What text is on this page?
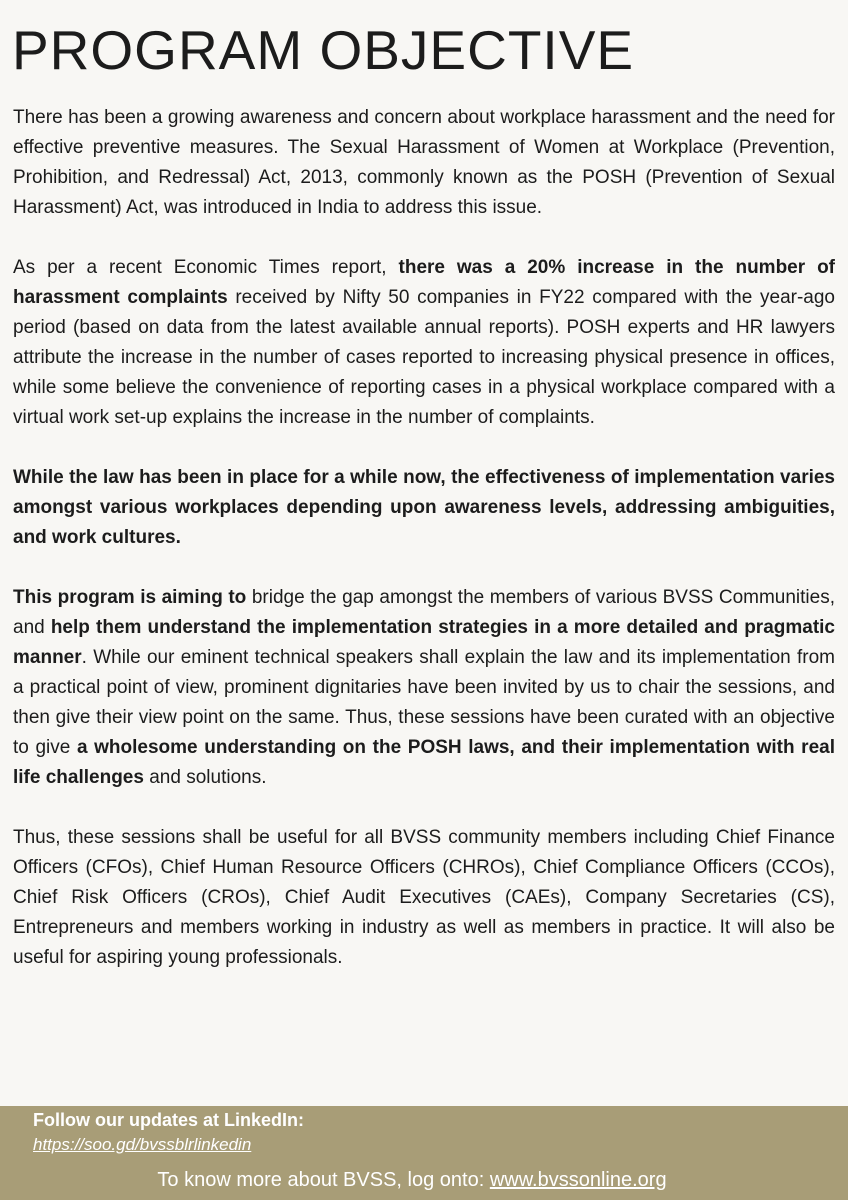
PROGRAM OBJECTIVE

There has been a growing awareness and concern about workplace harassment and the need for effective preventive measures. The Sexual Harassment of Women at Workplace (Prevention, Prohibition, and Redressal) Act, 2013, commonly known as the POSH (Prevention of Sexual Harassment) Act, was introduced in India to address this issue.

As per a recent Economic Times report, there was a 20% increase in the number of harassment complaints received by Nifty 50 companies in FY22 compared with the year-ago period (based on data from the latest available annual reports). POSH experts and HR lawyers attribute the increase in the number of cases reported to increasing physical presence in offices, while some believe the convenience of reporting cases in a physical workplace compared with a virtual work set-up explains the increase in the number of complaints.

While the law has been in place for a while now, the effectiveness of implementation varies amongst various workplaces depending upon awareness levels, addressing ambiguities, and work cultures.

This program is aiming to bridge the gap amongst the members of various BVSS Communities, and help them understand the implementation strategies in a more detailed and pragmatic manner. While our eminent technical speakers shall explain the law and its implementation from a practical point of view, prominent dignitaries have been invited by us to chair the sessions, and then give their view point on the same. Thus, these sessions have been curated with an objective to give a wholesome understanding on the POSH laws, and their implementation with real life challenges and solutions.

Thus, these sessions shall be useful for all BVSS community members including Chief Finance Officers (CFOs), Chief Human Resource Officers (CHROs), Chief Compliance Officers (CCOs), Chief Risk Officers (CROs), Chief Audit Executives (CAEs), Company Secretaries (CS), Entrepreneurs and members working in industry as well as members in practice. It will also be useful for aspiring young professionals.

Follow our updates at LinkedIn:
https://soo.gd/bvssblrlinkedin
To know more about BVSS, log onto: www.bvssonline.org
